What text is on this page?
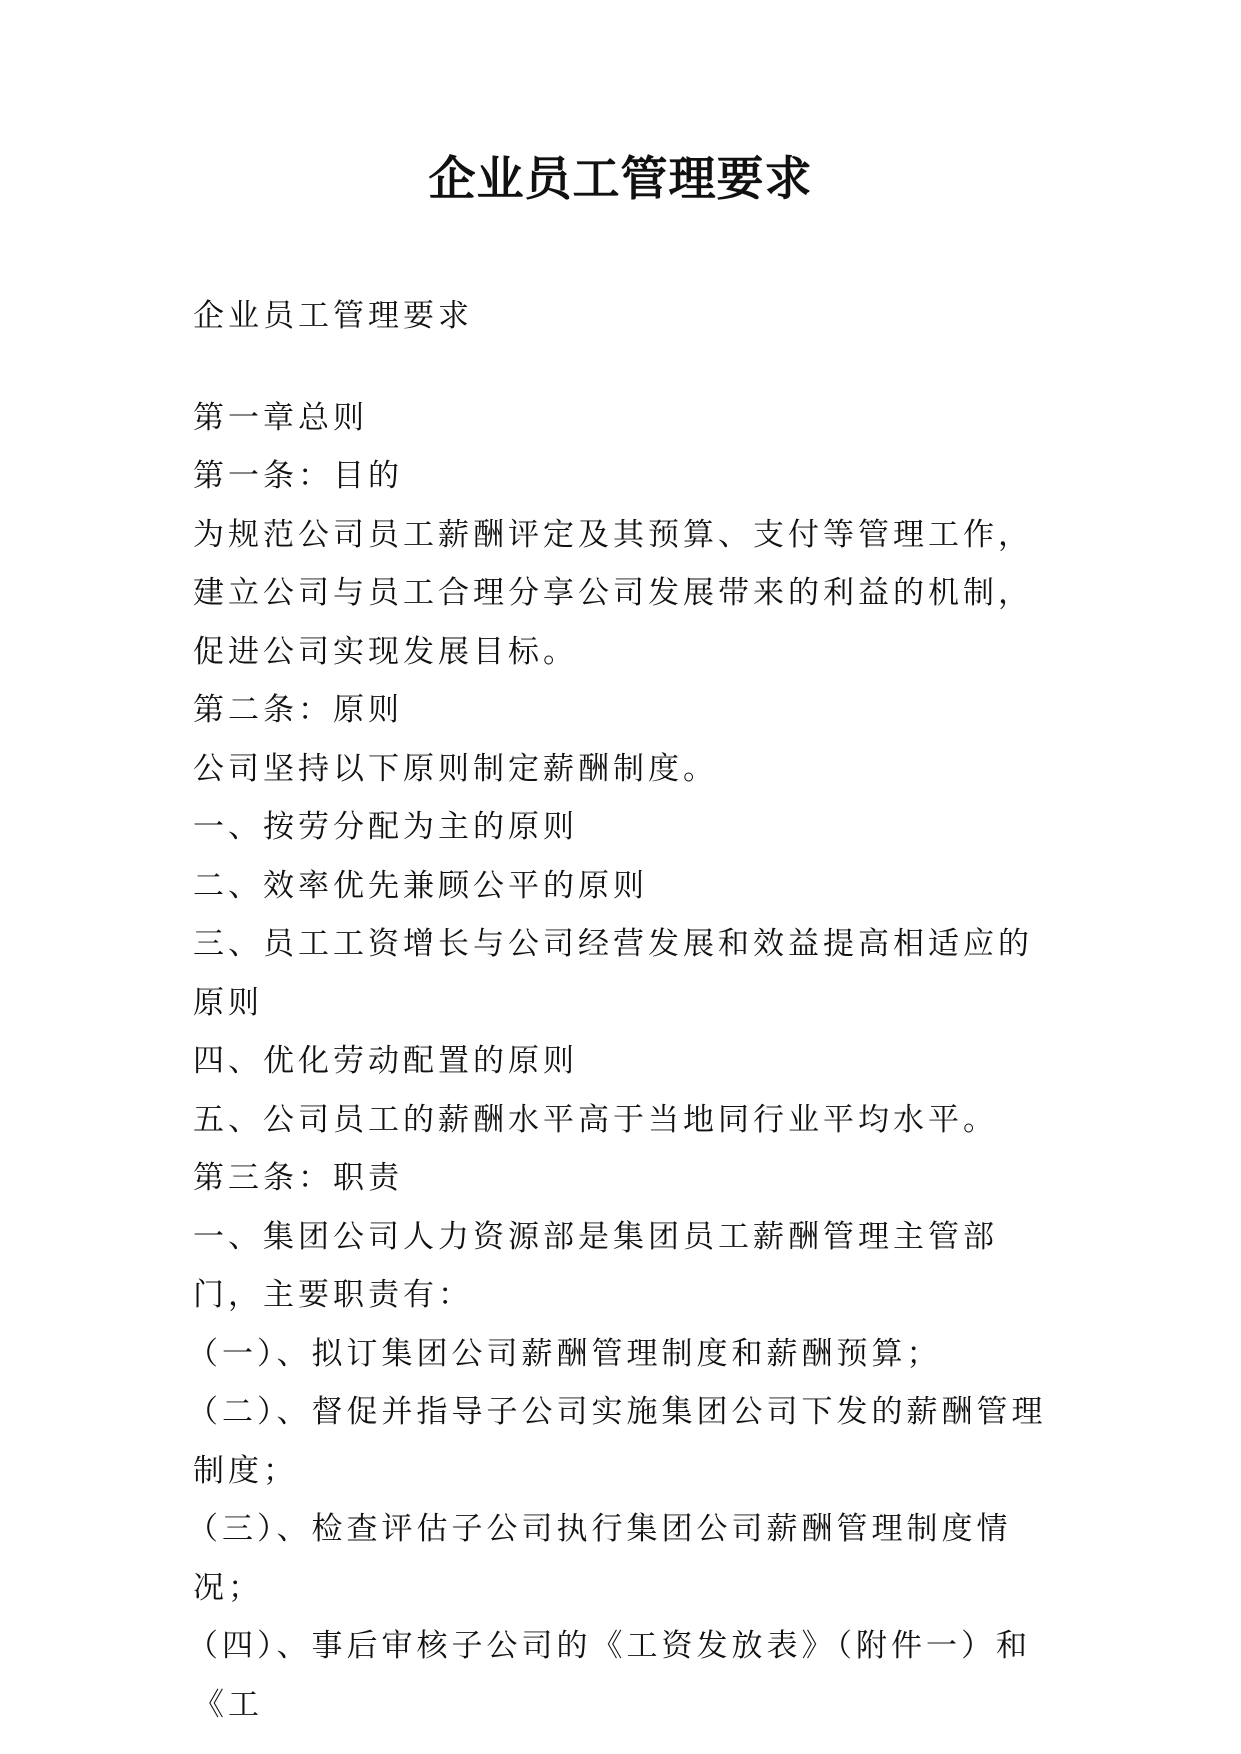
企业员工管理要求

企业员工管理要求

第一章总则

第一条：目的

为规范公司员工薪酬评定及其预算、支付等管理工作，建立公司与员工合理分享公司发展带来的利益的机制，促进公司实现发展目标。

第二条：原则

公司坚持以下原则制定薪酬制度。

一、按劳分配为主的原则

二、效率优先兼顾公平的原则

三、员工工资增长与公司经营发展和效益提高相适应的原则

四、优化劳动配置的原则

五、公司员工的薪酬水平高于当地同行业平均水平。

第三条：职责

一、集团公司人力资源部是集团员工薪酬管理主管部门，主要职责有：

（一）、拟订集团公司薪酬管理制度和薪酬预算；

（二）、督促并指导子公司实施集团公司下发的薪酬管理制度；

（三）、检查评估子公司执行集团公司薪酬管理制度情况；

（四）、事后审核子公司的《工资发放表》（附件一）和《工
